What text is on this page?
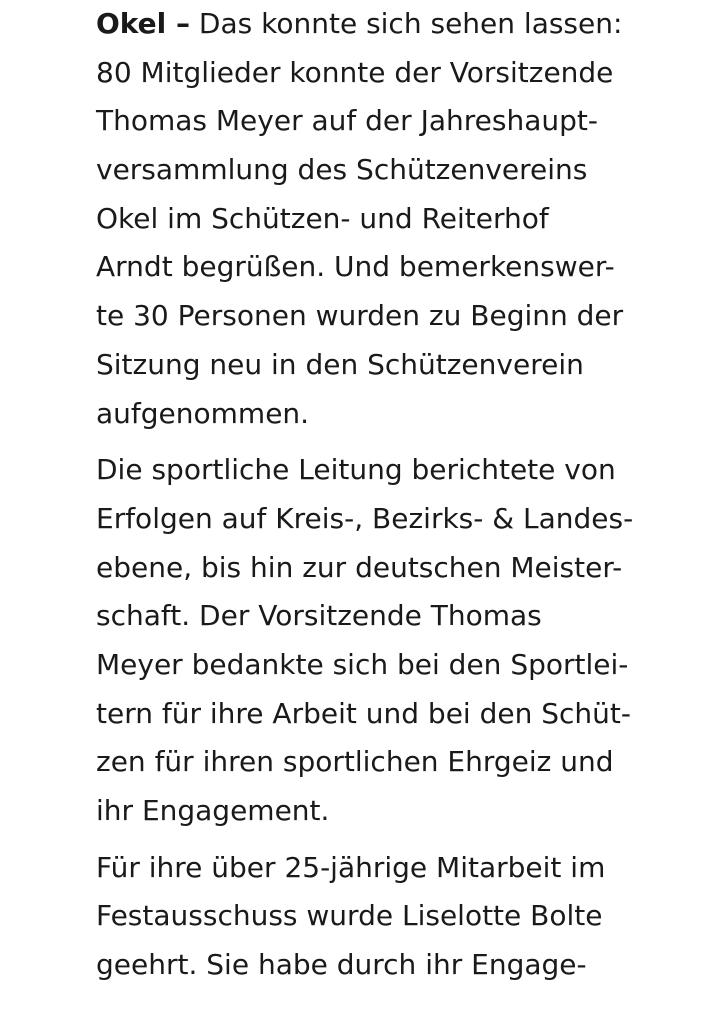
Okel – Das konnte sich sehen lassen:
80 Mitglieder konnte der Vorsitzende
Thomas Meyer auf der Jahreshaupt-
versammlung des Schützenvereins
Okel im Schützen- und Reiterhof
Arndt begrüßen. Und bemerkenswer-
te 30 Personen wurden zu Beginn der
Sitzung neu in den Schützenverein
aufgenommen.
Die sportliche Leitung berichtete von
Erfolgen auf Kreis-, Bezirks- & Landes-
ebene, bis hin zur deutschen Meister-
schaft. Der Vorsitzende Thomas
Meyer bedankte sich bei den Sportlei-
tern für ihre Arbeit und bei den Schüt-
zen für ihren sportlichen Ehrgeiz und
ihr Engagement.
Für ihre über 25-jährige Mitarbeit im
Festausschuss wurde Liselotte Bolte
geehrt. Sie habe durch ihr Engage-
